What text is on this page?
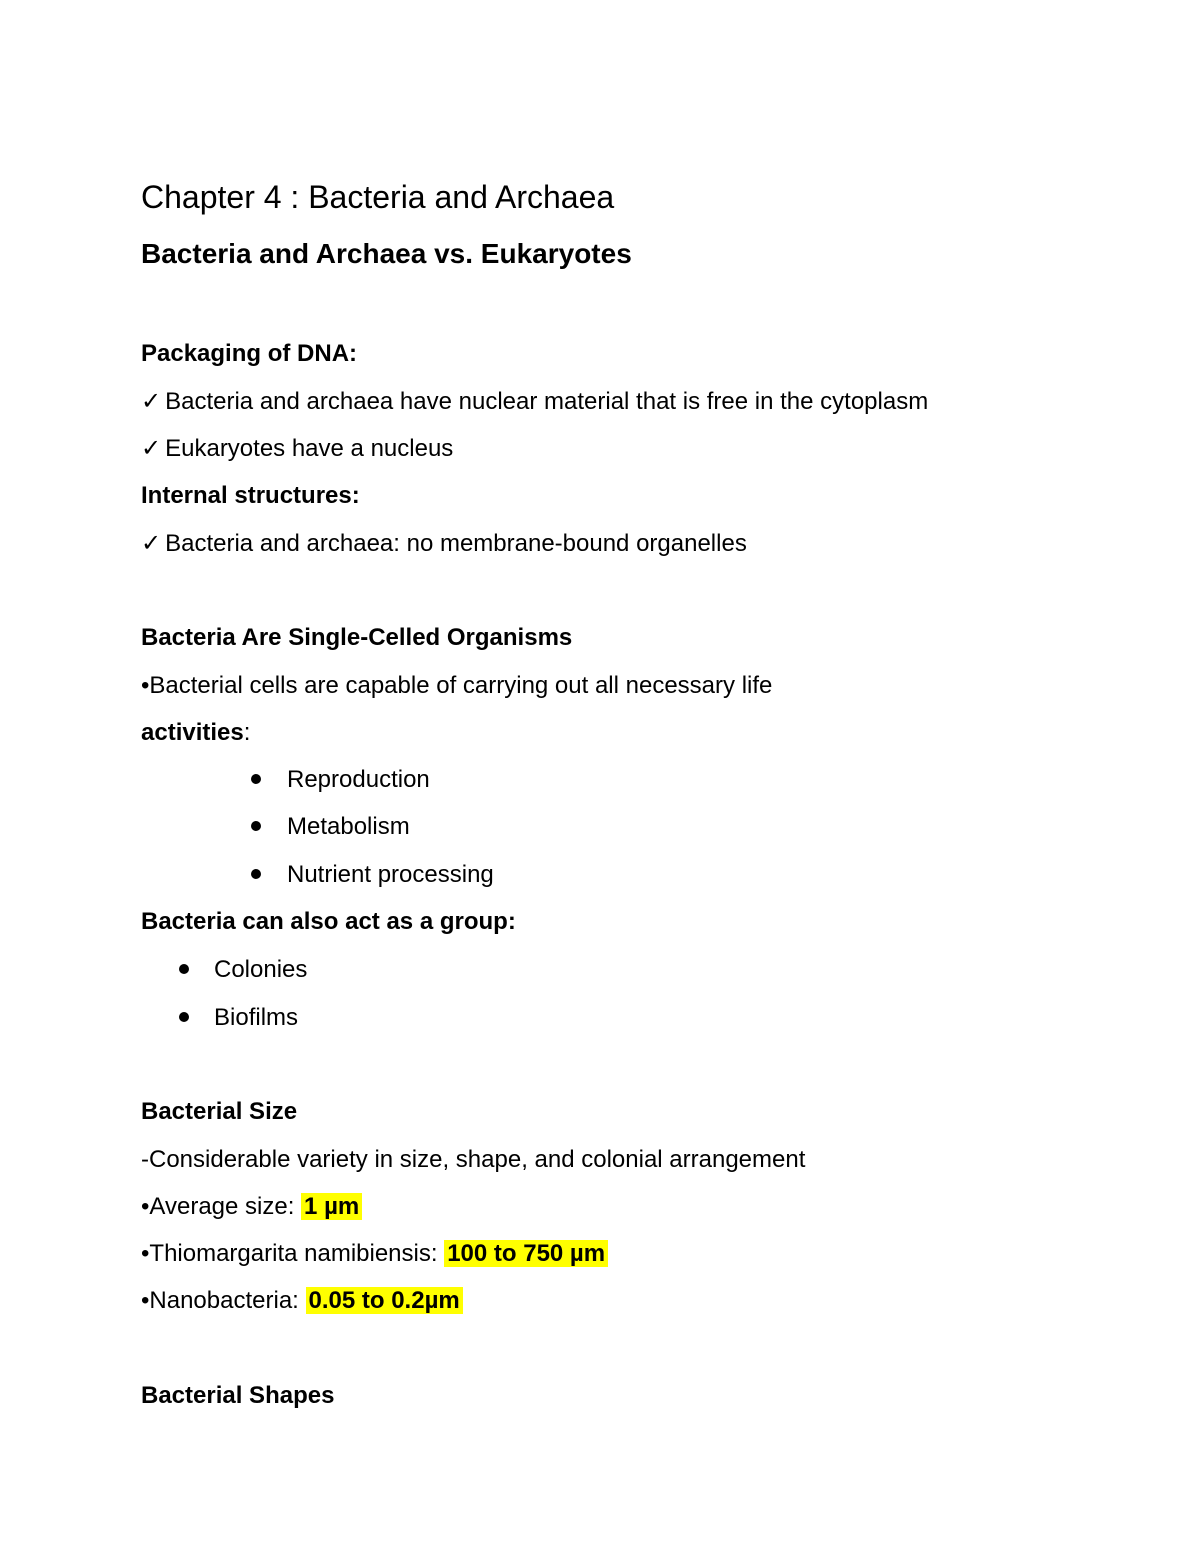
Chapter 4 : Bacteria and Archaea
Bacteria and Archaea vs. Eukaryotes
Packaging of DNA:
✓ Bacteria and archaea have nuclear material that is free in the cytoplasm
✓ Eukaryotes have a nucleus
Internal structures:
✓ Bacteria and archaea: no membrane-bound organelles
Bacteria Are Single-Celled Organisms
•Bacterial cells are capable of carrying out all necessary life
activities:
Reproduction
Metabolism
Nutrient processing
Bacteria can also act as a group:
Colonies
Biofilms
Bacterial Size
-Considerable variety in size, shape, and colonial arrangement
•Average size: 1 µm
•Thiomargarita namibiensis: 100 to 750 µm
•Nanobacteria: 0.05 to 0.2µm
Bacterial Shapes
